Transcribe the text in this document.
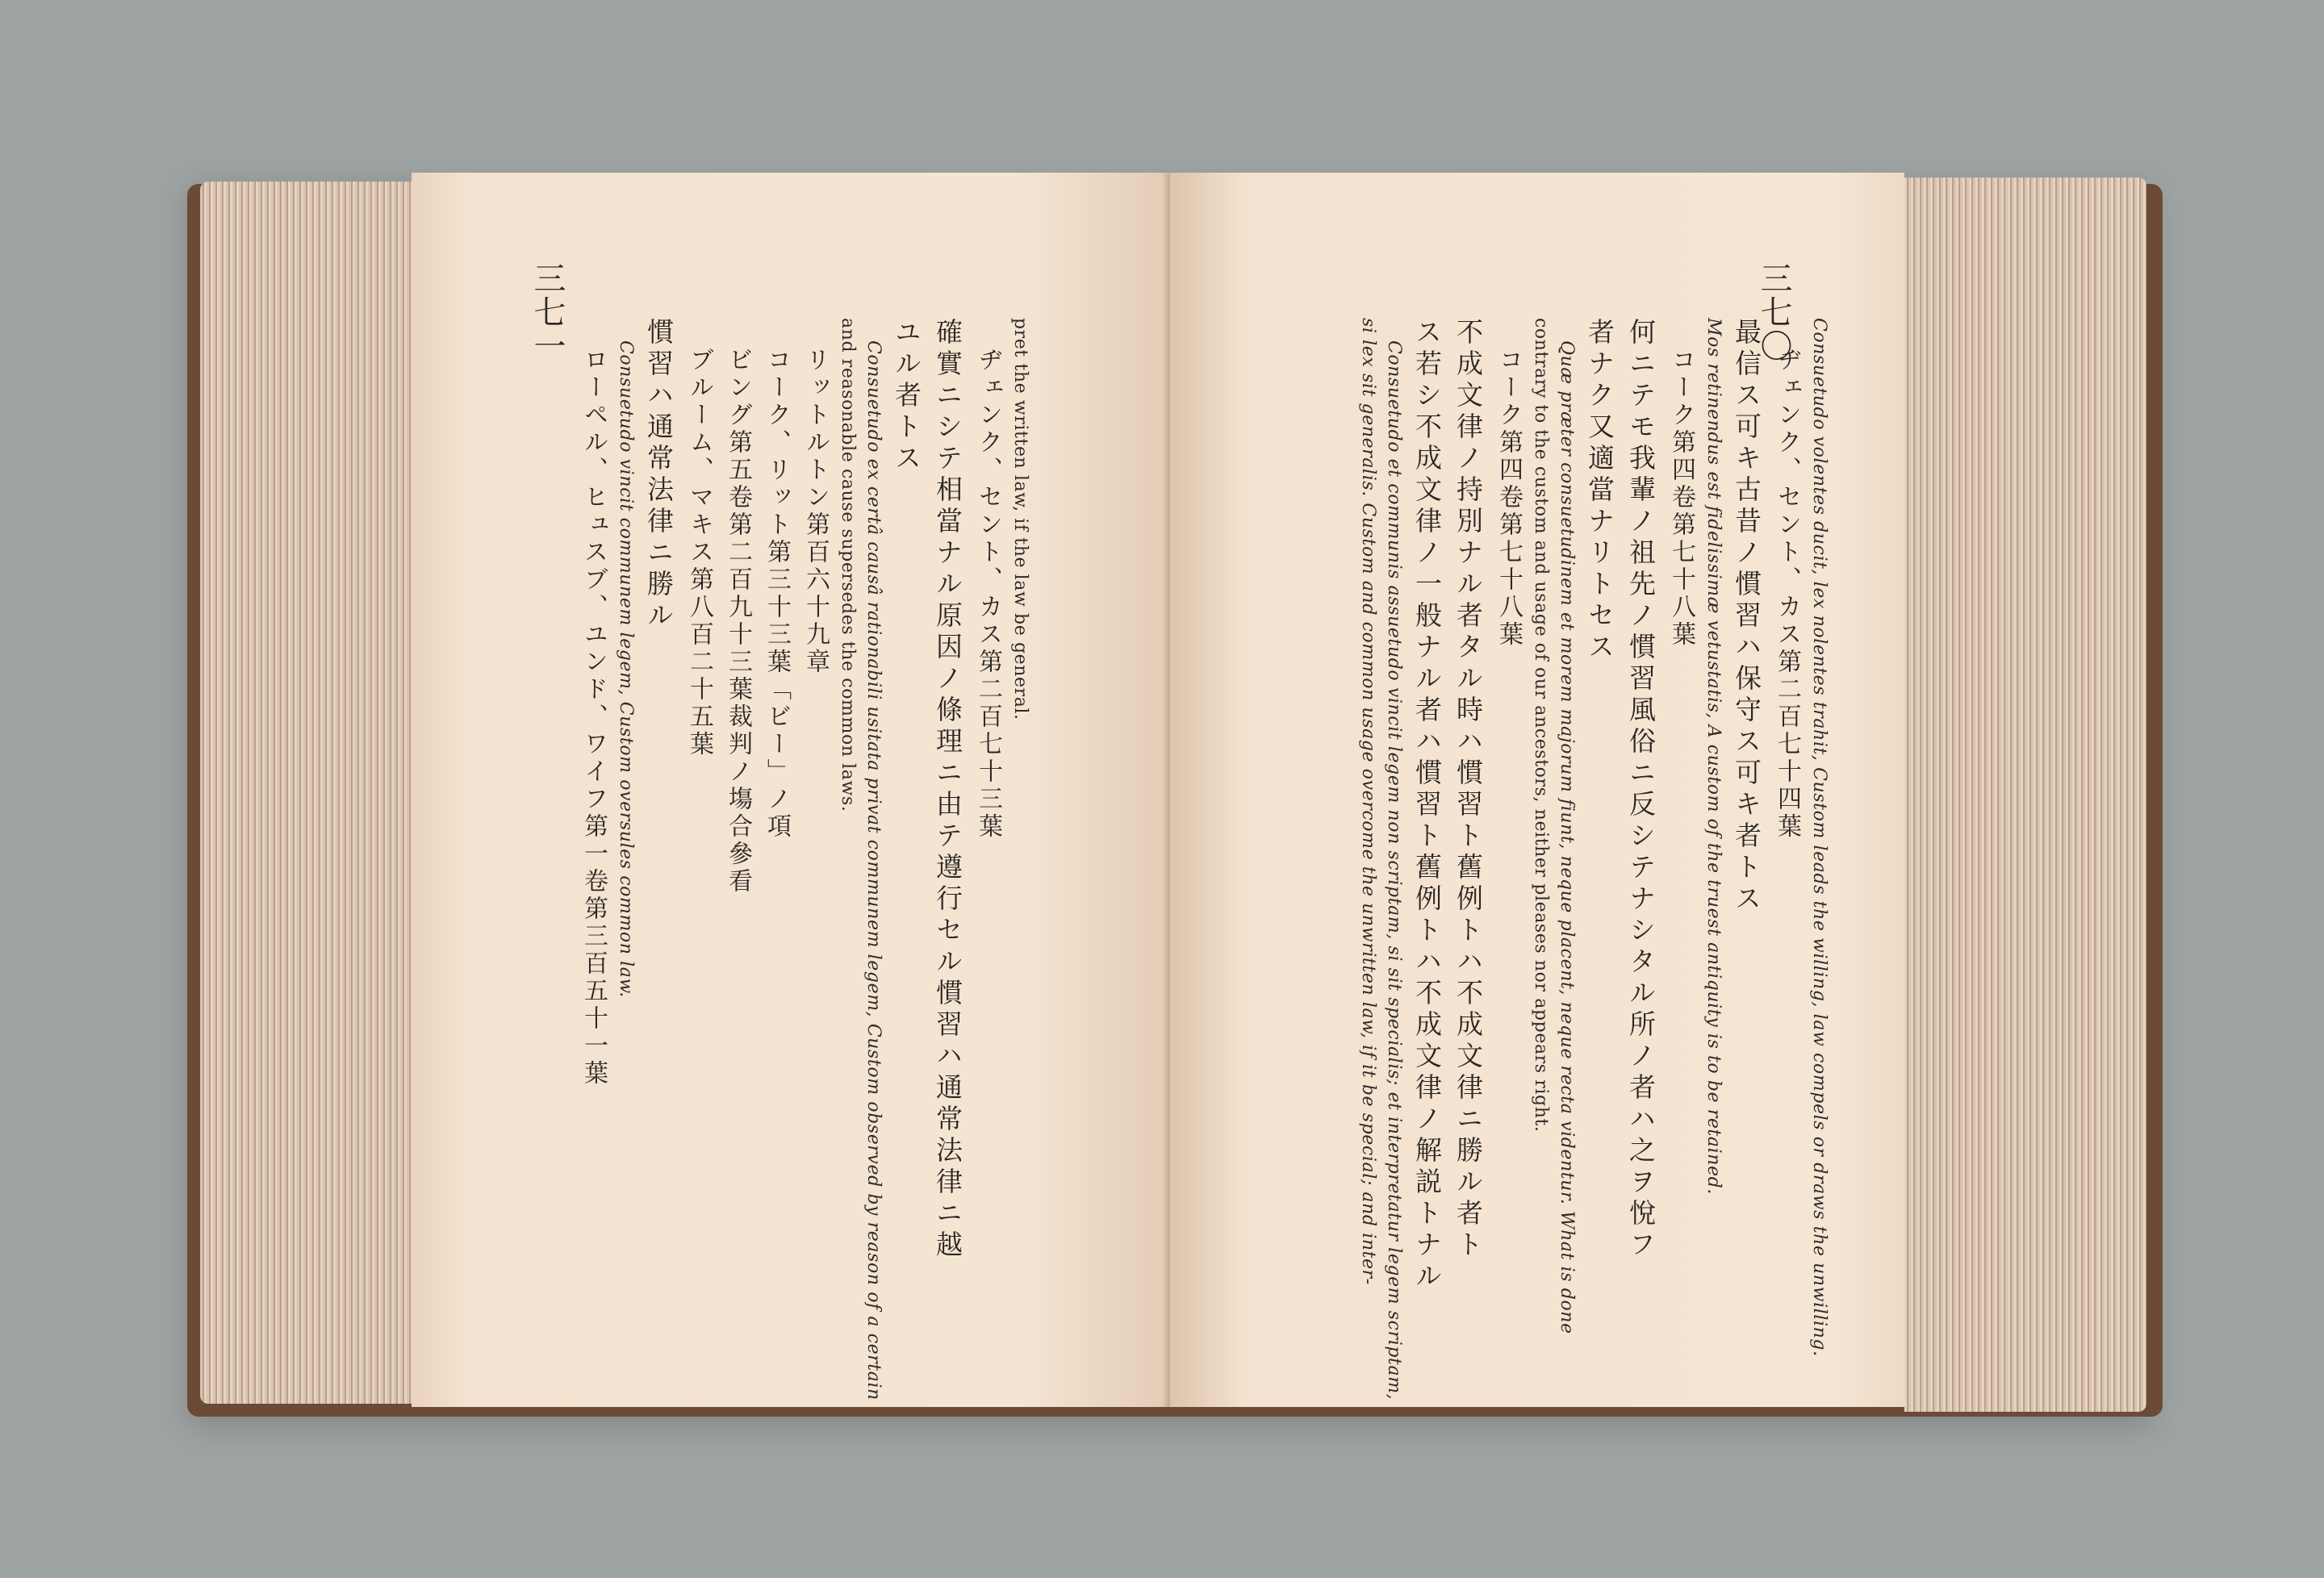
三七一
pret the written law, if the law be general.
ヂェンク、セント、カス第二百七十三葉
確實ニシテ相當ナル原因ノ條理ニ由テ遵行セル慣習ハ通常法律ニ越
ユル者トス
Consuetudo ex certâ causâ rationabili usitata privat communem legem, Custom observed by reason of a certain
and reasonable cause supersedes the common laws.
リットルトン第百六十九章
コーク、リット第三十三葉「ビー」ノ項
ビング第五卷第二百九十三葉裁判ノ塲合參看
ブルーム、マキス第八百二十五葉
慣習ハ通常法律ニ勝ル
Consuetudo vincit communem legem, Custom oversules common law.
ローペル、ヒュスブ、ユンド、ワイフ第一卷第三百五十一葉
三七〇
Consuetudo volentes ducit, lex nolentes trahit, Custom leads the willing, law compels or draws the unwilling.
ヂェンク、セント、カス第二百七十四葉
最信ス可キ古昔ノ慣習ハ保守ス可キ者トス
Mos retinendus est fidelissimæ vetustatis, A custom of the truest antiquity is to be retained.
コーク第四卷第七十八葉
何ニテモ我輩ノ祖先ノ慣習風俗ニ反シテナシタル所ノ者ハ之ヲ悅フ
者ナク又適當ナリトセス
Quæ præter consuetudinem et morem majorum fiunt, neque placent, neque recta videntur. What is done
contrary to the custom and usage of our ancestors, neither pleases nor appears right.
コーク第四卷第七十八葉
不成文律ノ持別ナル者タル時ハ慣習ト舊例トハ不成文律ニ勝ル者ト
ス若シ不成文律ノ一般ナル者ハ慣習ト舊例トハ不成文律ノ解説トナル
Consuetudo et communis assuetudo vincit legem non scriptam, si sit specialis; et interpretatur legem scriptam,
si lex sit generalis. Custom and common usage overcome the unwritten law, if it be special; and inter-
